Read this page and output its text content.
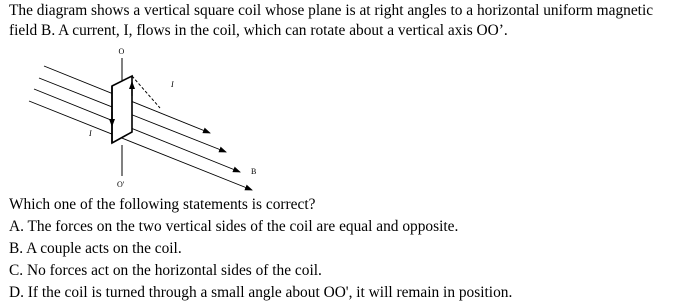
The diagram shows a vertical square coil whose plane is at right angles to a horizontal uniform magnetic field B. A current, I, flows in the coil, which can rotate about a vertical axis OO’.

O
O'
I
I
B

Which one of the following statements is correct?

A. The forces on the two vertical sides of the coil are equal and opposite.
B. A couple acts on the coil.
C. No forces act on the horizontal sides of the coil.
D. If the coil is turned through a small angle about OO', it will remain in position.
